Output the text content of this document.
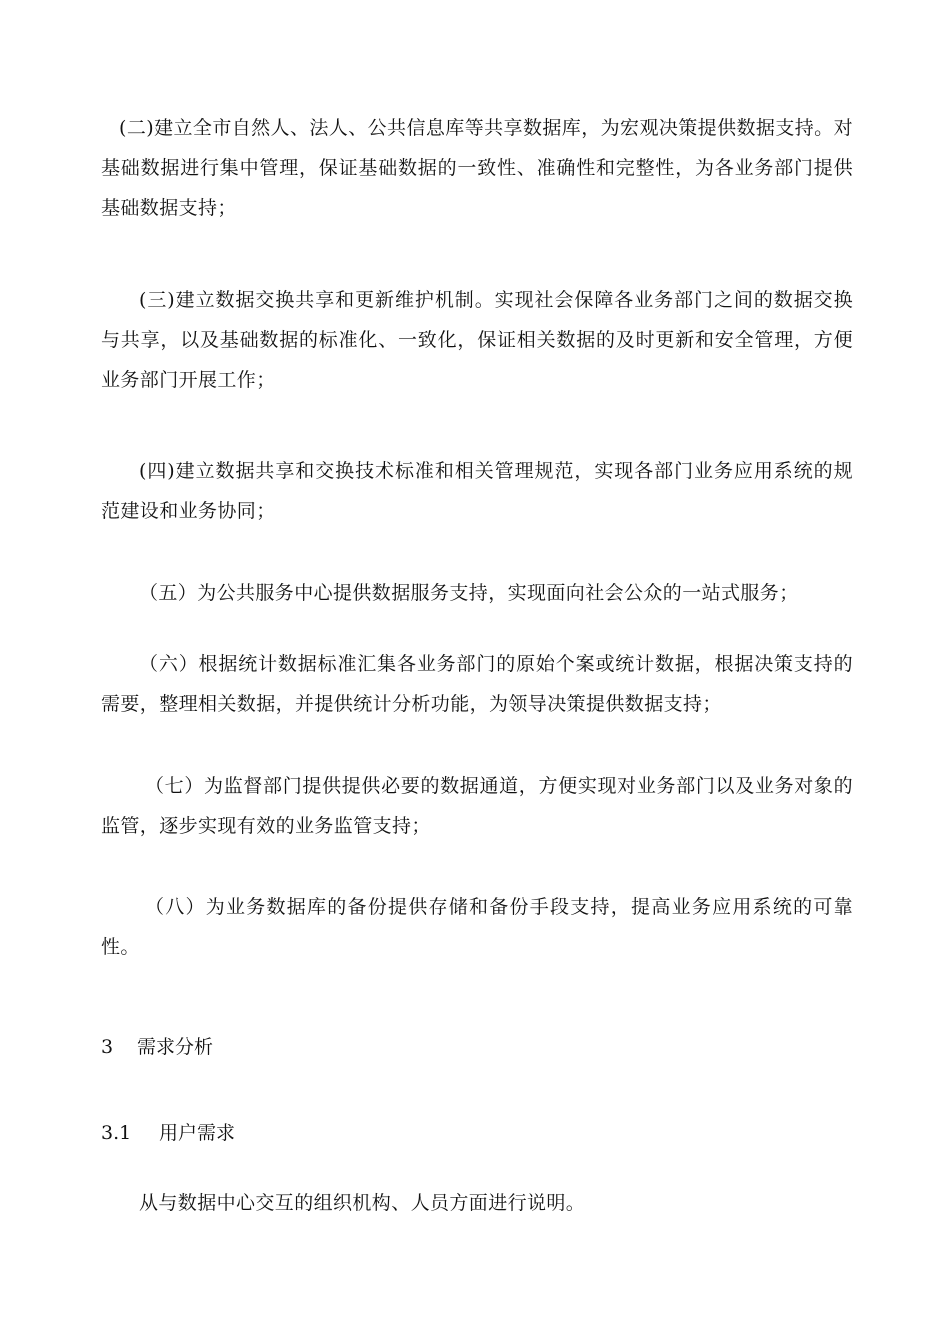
(二)建立全市自然人、法人、公共信息库等共享数据库，为宏观决策提供数据支持。对基础数据进行集中管理，保证基础数据的一致性、准确性和完整性，为各业务部门提供基础数据支持；

(三)建立数据交换共享和更新维护机制。实现社会保障各业务部门之间的数据交换与共享，以及基础数据的标准化、一致化，保证相关数据的及时更新和安全管理，方便业务部门开展工作；

(四)建立数据共享和交换技术标准和相关管理规范，实现各部门业务应用系统的规范建设和业务协同；

（五）为公共服务中心提供数据服务支持，实现面向社会公众的一站式服务；

（六）根据统计数据标准汇集各业务部门的原始个案或统计数据，根据决策支持的需要，整理相关数据，并提供统计分析功能，为领导决策提供数据支持；

（七）为监督部门提供提供必要的数据通道，方便实现对业务部门以及业务对象的监管，逐步实现有效的业务监管支持；

（八）为业务数据库的备份提供存储和备份手段支持，提高业务应用系统的可靠性。

3 需求分析
3.1 用户需求

从与数据中心交互的组织机构、人员方面进行说明。
